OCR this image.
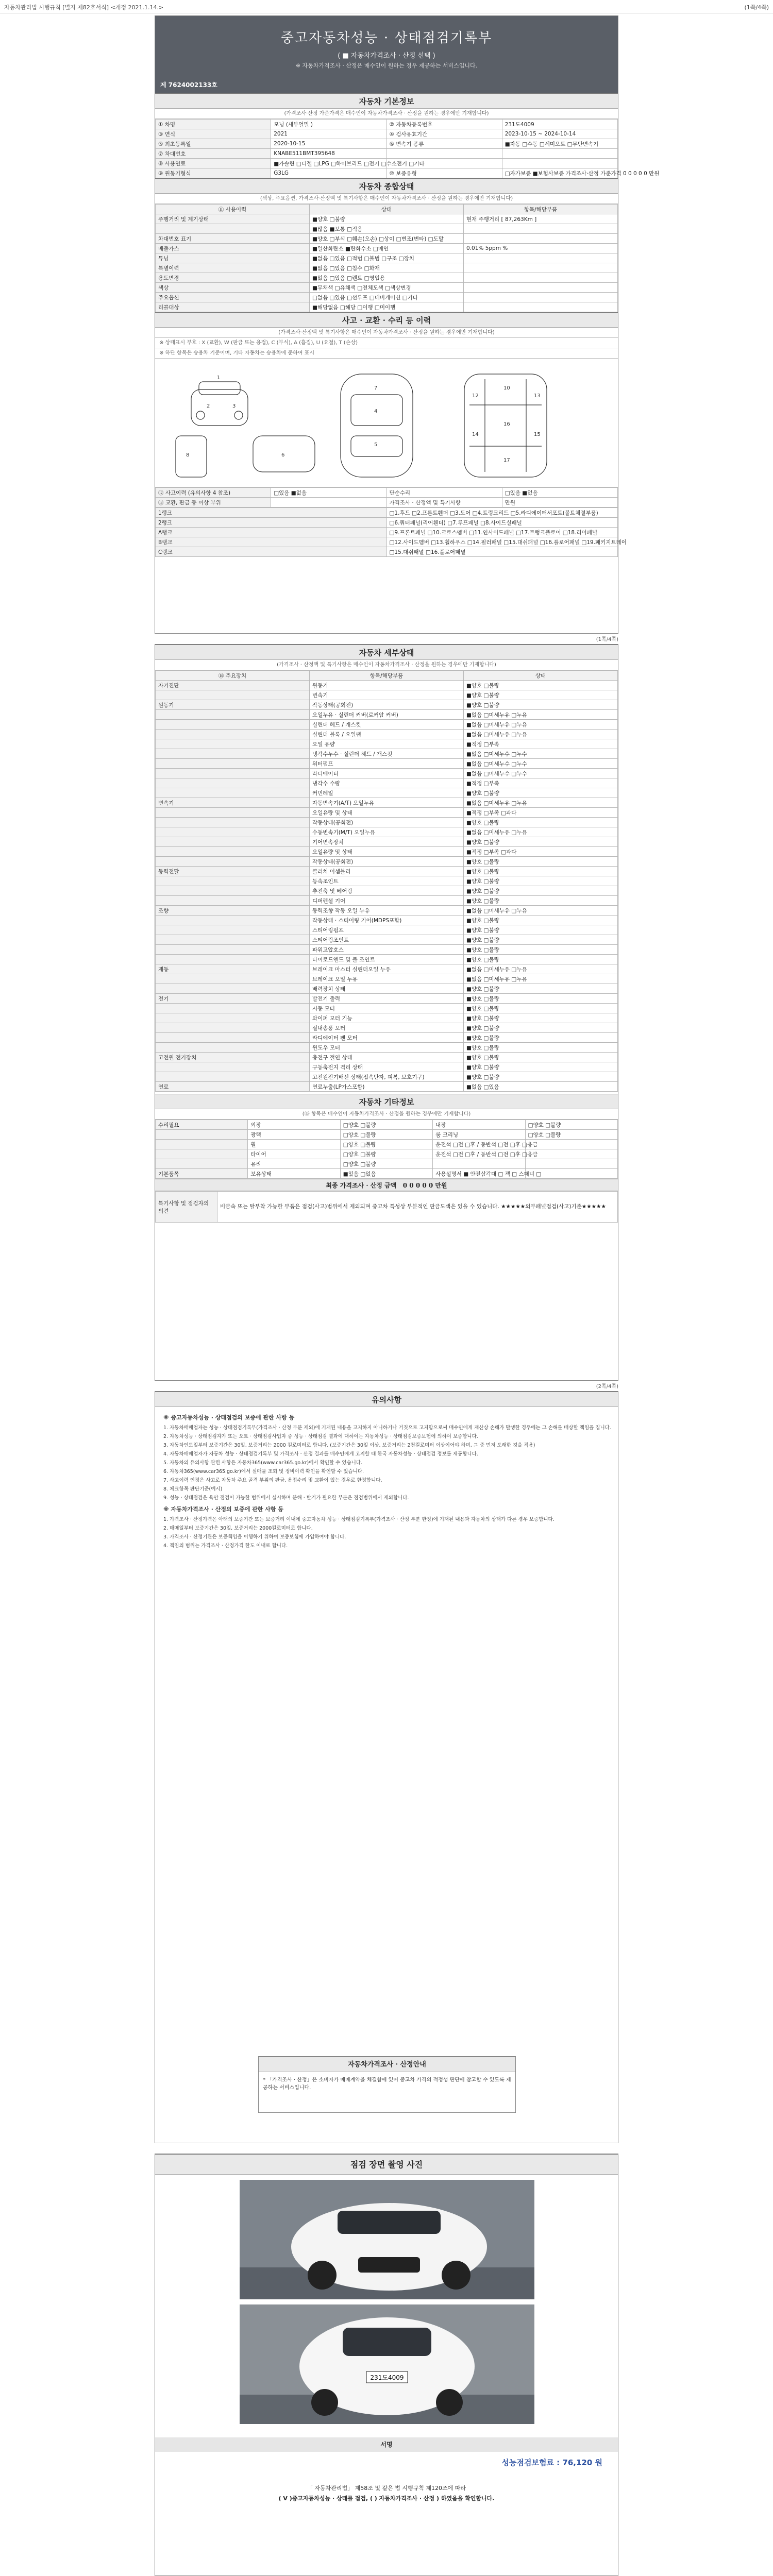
자동차관리법 시행규칙 [별지 제82호서식] <개정 2021.1.14.>	(1쪽/4쪽)
중고자동차성능 · 상태점검기록부
( ■ 자동차가격조사 · 산정 선택 )
※ 자동차가격조사 · 산정은 매수인이 원하는 경우 제공하는 서비스입니다.
제 7624002133호
자동차 기본정보
(가격조사·산정 가준가격은 매수인이 자동차가격조사 · 산정을 원하는 경우에만 기재합니다)
① 차명	모닝 (새부얼밀 )	② 자동차등록번호	231도4009
③ 연식	2021	④ 검사유효기간	2023-10-15 ~ 2024-10-14
⑤ 최초등록일	2020-10-15	⑥ 변속기 종류	■자동 □수동 □세미오토 □무단변속기
⑦ 차대번호	KNABE511BMT395648		
⑧ 사용연료	■가솔린 □디젤 □LPG □하이브리드 □전기 □수소전기 □기타		
⑨ 원동기형식	G3LG	⑩ 보증유형	□자가보증 ■보험사보증 가격조사·산정 가준가격 0 0 0 0 0 만원
자동차 종합상태
(색상, 주요옵션, 가격조사·산정액 및 특기사항은 매수인이 자동차가격조사 · 산정을 원하는 경우에만 기재합니다)
⑪ 사용이력	상태	항목/해당부품
주행거리 및 계기상태	■양호 □불량	현재 주행거리 [ 87,263Km ]
	■많음 ■보통 □적음	
차대번호 표기	■양호 □부식 □훼손(오손) □상이 □변조(변타) □도말	
배출가스	■일산화탄소 ■탄화수소 □매연	0.01% 5ppm %
튜닝	■없음 □있음 □적법 □불법 □구조 □장치	
특별이력	■없음 □있음 □침수 □화재	
용도변경	■없음 □있음 □렌트 □영업용	
색상	■무채색 □유채색 □전체도색 □색상변경	
주요옵션	□없음 □있음 □선루프 □네비게이션 □기타	
리콜대상	■해당없음 □해당 □이행 □미이행	
사고 · 교환 · 수리 등 이력
(가격조사·산정액 및 특기사항은 매수인이 자동차가격조사 · 산정을 원하는 경우에만 기재합니다)
※ 상태표시 부호 : X (교환), W (판금 또는 용접), C (부식), A (흠집), U (요철), T (손상)
※ 하단 항목은 승용차 기준이며, 기타 자동차는 승용차에 준하여 표시
1
2	3
7
4
5
10
16
17
12	13
14	15
6
8
⑫ 사고이력 (유의사항 4 참조)	□있음 ■없음	단순수리	□있음 ■없음
⑬ 교환, 판금 등 이상 부위		가격조사 · 산정액 및 특기사항	만원
1랭크	□1.후드 □2.프론트휀더 □3.도어 □4.트렁크리드 □5.라디에이터서포트(볼트체결부품)
2랭크	□6.쿼터패널(리어휀더) □7.루프패널 □8.사이드실패널
A랭크	□9.프론트패널 □10.크로스멤버 □11.인사이드패널 □17.트렁크플로어 □18.리어패널
B랭크	□12.사이드멤버 □13.휠하우스 □14.필러패널 □15.대쉬패널 □16.플로어패널 □19.패키지트레이
C랭크	□15.대쉬패널 □16.플로어패널
(1쪽/4쪽)
자동차 세부상태
(가격조사 · 산정액 및 특기사항은 매수인이 자동차가격조사 · 산정을 원하는 경우에만 기재합니다)
⑭ 주요장치	항목/해당부품	상태
자기진단	원동기	■양호 □불량
	변속기	■양호 □불량
원동기	작동상태(공회전)	■양호 □불량
	오일누유 · 실린더 커버(로커암 커버)	■없음 □미세누유 □누유
	실린더 헤드 / 개스킷	■없음 □미세누유 □누유
	실린더 블록 / 오일팬	■없음 □미세누유 □누유
	오일 유량	■적정 □부족
	냉각수누수 · 실린더 헤드 / 개스킷	■없음 □미세누수 □누수
	워터펌프	■없음 □미세누수 □누수
	라디에이터	■없음 □미세누수 □누수
	냉각수 수량	■적정 □부족
	커먼레일	■양호 □불량
변속기	자동변속기(A/T) 오일누유	■없음 □미세누유 □누유
	오일유량 및 상태	■적정 □부족 □과다
	작동상태(공회전)	■양호 □불량
	수동변속기(M/T) 오일누유	■없음 □미세누유 □누유
	기어변속장치	■양호 □불량
	오일유량 및 상태	■적정 □부족 □과다
	작동상태(공회전)	■양호 □불량
동력전달	클러치 어셈블리	■양호 □불량
	등속조인트	■양호 □불량
	추진축 및 베어링	■양호 □불량
	디퍼렌셜 기어	■양호 □불량
조향	동력조향 작동 오일 누유	■없음 □미세누유 □누유
	작동상태 · 스티어링 기어(MDPS포함)	■양호 □불량
	스티어링펌프	■양호 □불량
	스티어링조인트	■양호 □불량
	파워고압호스	■양호 □불량
	타이로드엔드 및 볼 조인트	■양호 □불량
제동	브레이크 마스터 실린더오일 누유	■없음 □미세누유 □누유
	브레이크 오일 누유	■없음 □미세누유 □누유
	배력장치 상태	■양호 □불량
전기	발전기 출력	■양호 □불량
	시동 모터	■양호 □불량
	와이퍼 모터 기능	■양호 □불량
	실내송풍 모터	■양호 □불량
	라디에이터 팬 모터	■양호 □불량
	윈도우 모터	■양호 □불량
고전원 전기장치	충전구 절연 상태	■양호 □불량
	구동축전지 격리 상태	■양호 □불량
	고전원전기배선 상태(접속단자, 피복, 보호기구)	■양호 □불량
연료	연료누출(LP가스포함)	■없음 □있음
자동차 기타정보
(⑮ 항목은 매수인이 자동차가격조사 · 산정을 원하는 경우에만 기재합니다)
수리필요	외장	□양호 □불량	내장	□양호 □불량
	광택	□양호 □불량	룸 크리닝	□양호 □불량
	휠	□양호 □불량	운전석 □전 □후 / 동반석 □전 □후 □응급	
	타이어	□양호 □불량	운전석 □전 □후 / 동반석 □전 □후 □응급	
	유리	□양호 □불량		
기본품목	보유상태	■있음 □없음	사용설명서 ■ 안전삼각대 □ 잭 □ 스패너 □	
최종 가격조사 · 산정 금액 0 0 0 0 0 만원
특기사항 및 점검자의 의견	비금속 또는 탈부착 가능한 부품은 점검(사고)범위에서 제외되며 중고차 특성상 부분적인 판금도색은 있을 수 있습니다. ★★★★★외부패널점검(사고)기준★★★★★
(2쪽/4쪽)
유의사항
※ 중고자동차성능 · 상태점검의 보증에 관한 사항 등

1. 자동차매매업자는 성능 · 상태점검기록부(가격조사 · 산정 부분 제외)에 기재된 내용을 고지하지 아니하거나 거짓으로 고지함으로써 매수인에게 재산상 손해가 발생한 경우에는 그 손해를 배상할 책임을 집니다.

2. 자동차성능 · 상태점검자가 또는 오토 · 상태점검사업자 중 성능 · 상태점검 결과에 대하여는 자동차성능 · 상태점검보증보험에 의하여 보증합니다.

3. 자동차인도일부터 보증기간은 30일, 보증거리는 2000 킬로미터로 합니다. (보증기간은 30일 이상, 보증거리는 2천킬로미터 이상이어야 하며, 그 중 먼저 도래한 것을 적용)

4. 자동차매매업자가 자동차 성능 · 상태점검기록부 및 가격조사 · 산정 결과를 매수인에게 고지할 때 한국 자동차성능 · 상태점검 정보를 제공합니다.

5. 자동차의 유의사항 관련 사항은 자동차365(www.car365.go.kr)에서 확인할 수 있습니다.

6. 자동차365(www.car365.go.kr)에서 실매물 조회 및 정비이력 확인을 확인할 수 있습니다.

7. 사고이력 인정은 사고로 자동차 주요 골격 부위의 판금, 용접수리 및 교환이 있는 경우로 한정합니다.

8. 체크항목 판단기준(예시)

9. 성능 · 상태점검은 육안 점검이 가능한 범위에서 실시하며 분해 · 탈거가 필요한 부분은 점검범위에서 제외합니다.

※ 자동차가격조사 · 산정의 보증에 관한 사항 등

1. 가격조사 · 산정가격은 아래의 보증기간 또는 보증거리 이내에 중고자동차 성능 · 상태점검기록부(가격조사 · 산정 부분 한정)에 기재된 내용과 자동차의 상태가 다른 경우 보증합니다.

2. 매매일부터 보증기간은 30일, 보증거리는 2000킬로미터로 합니다.

3. 가격조사 · 산정기관은 보증책임을 이행하기 위하여 보증보험에 가입하여야 합니다.

4. 책임의 범위는 가격조사 · 산정가격 한도 이내로 합니다.

자동차가격조사 · 산정안내
* 「가격조사 · 산정」은 소비자가 매매계약을 체결함에 있어 중고차 가격의 적정성 판단에 참고할 수 있도록 제공하는 서비스입니다.
점검 장면 촬영 사진
231도4009
서명
성능점검보험료 : 76,120 원
「 자동차관리법」 제58조 및 같은 법 시행규칙 제120조에 따라
( V )중고자동차성능 · 상태를 점검, ( ) 자동차가격조사 · 산정 ) 하였음을 확인합니다.
